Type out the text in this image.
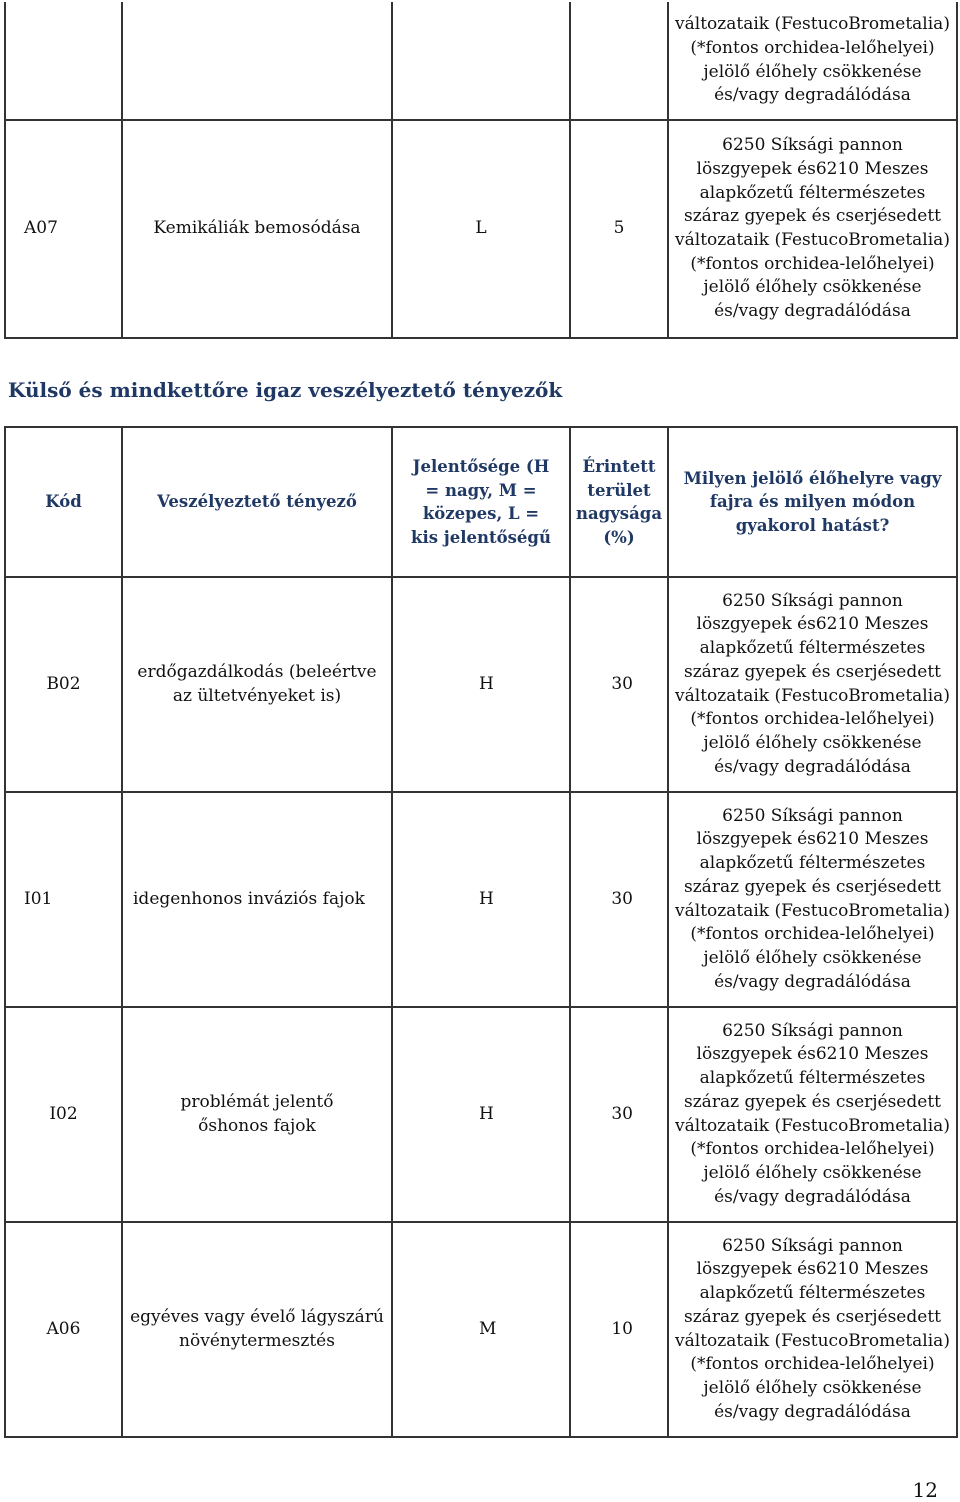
				változataik (FestucoBrometalia)(*fontos orchidea-lelőhelyei) jelölő élőhely csökkenése és/vagy degradálódása
A07	Kemikáliák bemosódása	L	5	6250 Síksági pannon löszgyepek és6210 Meszes alapkőzetű féltermészetes száraz gyepek és cserjésedett változataik (FestucoBrometalia)(*fontos orchidea-lelőhelyei) jelölő élőhely csökkenése és/vagy degradálódása
Külső és mindkettőre igaz veszélyeztető tényezők
Kód	Veszélyeztető tényező	Jelentősége (H = nagy, M = közepes, L = kis jelentőségű	Érintett terület nagysága (%)	Milyen jelölő élőhelyre vagy fajra és milyen módon gyakorol hatást?
B02	erdőgazdálkodás (beleértve az ültetvényeket is)	H	30	6250 Síksági pannon löszgyepek és6210 Meszes alapkőzetű féltermészetes száraz gyepek és cserjésedett változataik (FestucoBrometalia)(*fontos orchidea-lelőhelyei) jelölő élőhely csökkenése és/vagy degradálódása
I01	idegenhonos inváziós fajok	H	30	6250 Síksági pannon löszgyepek és6210 Meszes alapkőzetű féltermészetes száraz gyepek és cserjésedett változataik (FestucoBrometalia)(*fontos orchidea-lelőhelyei) jelölő élőhely csökkenése és/vagy degradálódása
I02	problémát jelentő őshonos fajok	H	30	6250 Síksági pannon löszgyepek és6210 Meszes alapkőzetű féltermészetes száraz gyepek és cserjésedett változataik (FestucoBrometalia)(*fontos orchidea-lelőhelyei) jelölő élőhely csökkenése és/vagy degradálódása
A06	egyéves vagy évelő lágyszárú növénytermesztés	M	10	6250 Síksági pannon löszgyepek és6210 Meszes alapkőzetű féltermészetes száraz gyepek és cserjésedett változataik (FestucoBrometalia)(*fontos orchidea-lelőhelyei) jelölő élőhely csökkenése és/vagy degradálódása
12
